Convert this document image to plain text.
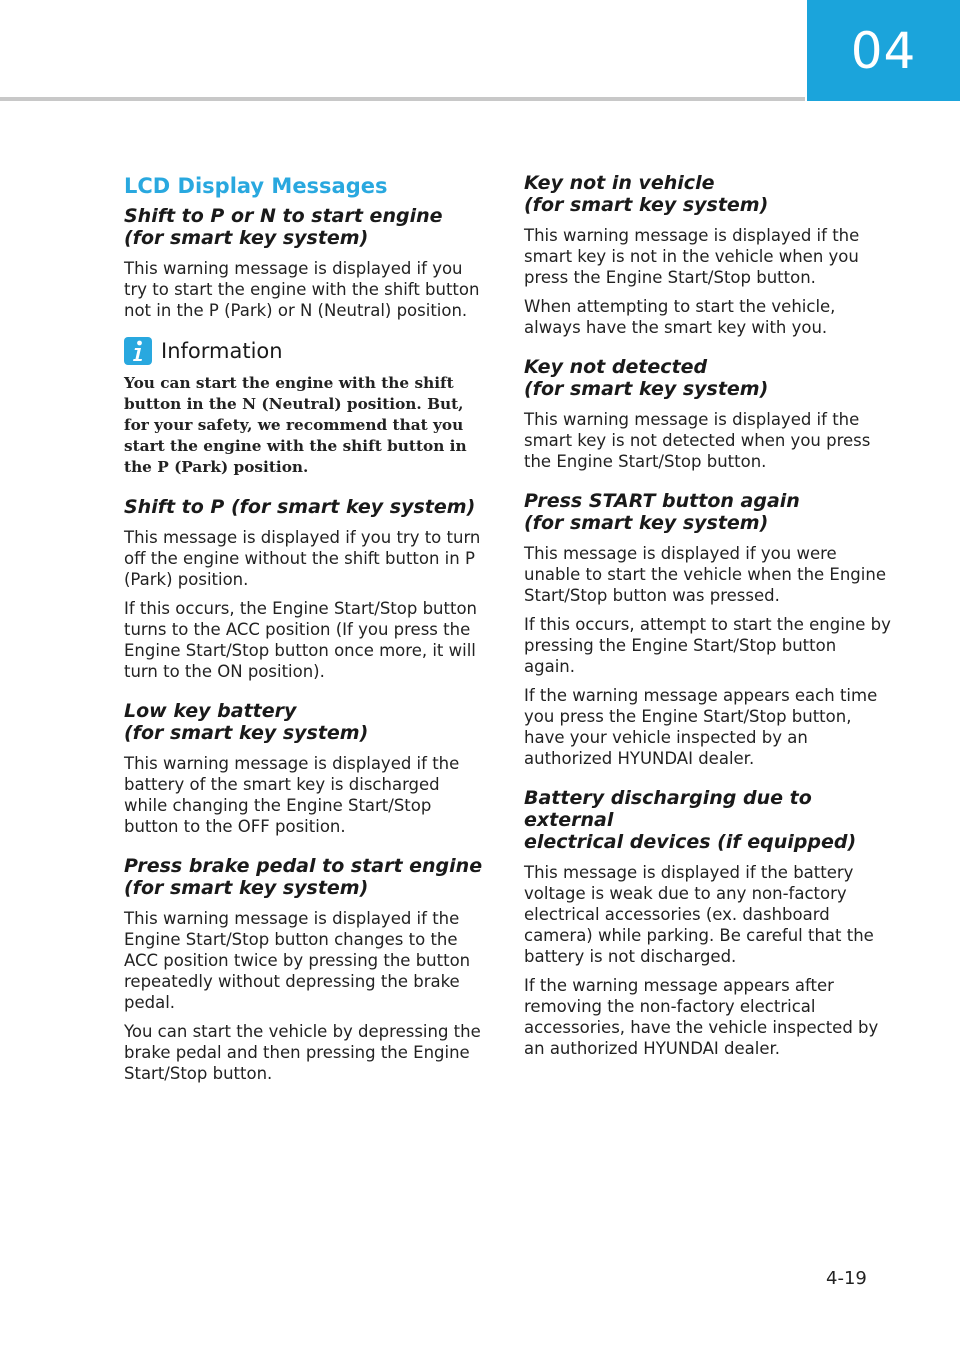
04
LCD Display Messages
Shift to P or N to start engine
(for smart key system)

This warning message is displayed if you try to start the engine with the shift button not in the P (Park) or N (Neutral) position.

Information

You can start the engine with the shift button in the N (Neutral) position. But, for your safety, we recommend that you start the engine with the shift button in the P (Park) position.

Shift to P (for smart key system)

This message is displayed if you try to turn off the engine without the shift button in P (Park) position.

If this occurs, the Engine Start/Stop button turns to the ACC position (If you press the Engine Start/Stop button once more, it will turn to the ON position).

Low key battery
(for smart key system)

This warning message is displayed if the battery of the smart key is discharged while changing the Engine Start/Stop button to the OFF position.

Press brake pedal to start engine
(for smart key system)

This warning message is displayed if the Engine Start/Stop button changes to the ACC position twice by pressing the button repeatedly without depressing the brake pedal.

You can start the vehicle by depressing the brake pedal and then pressing the Engine Start/Stop button.

Key not in vehicle
(for smart key system)

This warning message is displayed if the smart key is not in the vehicle when you press the Engine Start/Stop button.

When attempting to start the vehicle, always have the smart key with you.

Key not detected
(for smart key system)

This warning message is displayed if the smart key is not detected when you press the Engine Start/Stop button.

Press START button again
(for smart key system)

This message is displayed if you were unable to start the vehicle when the Engine Start/Stop button was pressed.

If this occurs, attempt to start the engine by pressing the Engine Start/Stop button again.

If the warning message appears each time you press the Engine Start/Stop button, have your vehicle inspected by an authorized HYUNDAI dealer.

Battery discharging due to external
electrical devices (if equipped)

This message is displayed if the battery voltage is weak due to any non-factory electrical accessories (ex. dashboard camera) while parking. Be careful that the battery is not discharged.

If the warning message appears after removing the non-factory electrical accessories, have the vehicle inspected by an authorized HYUNDAI dealer.

4-19
